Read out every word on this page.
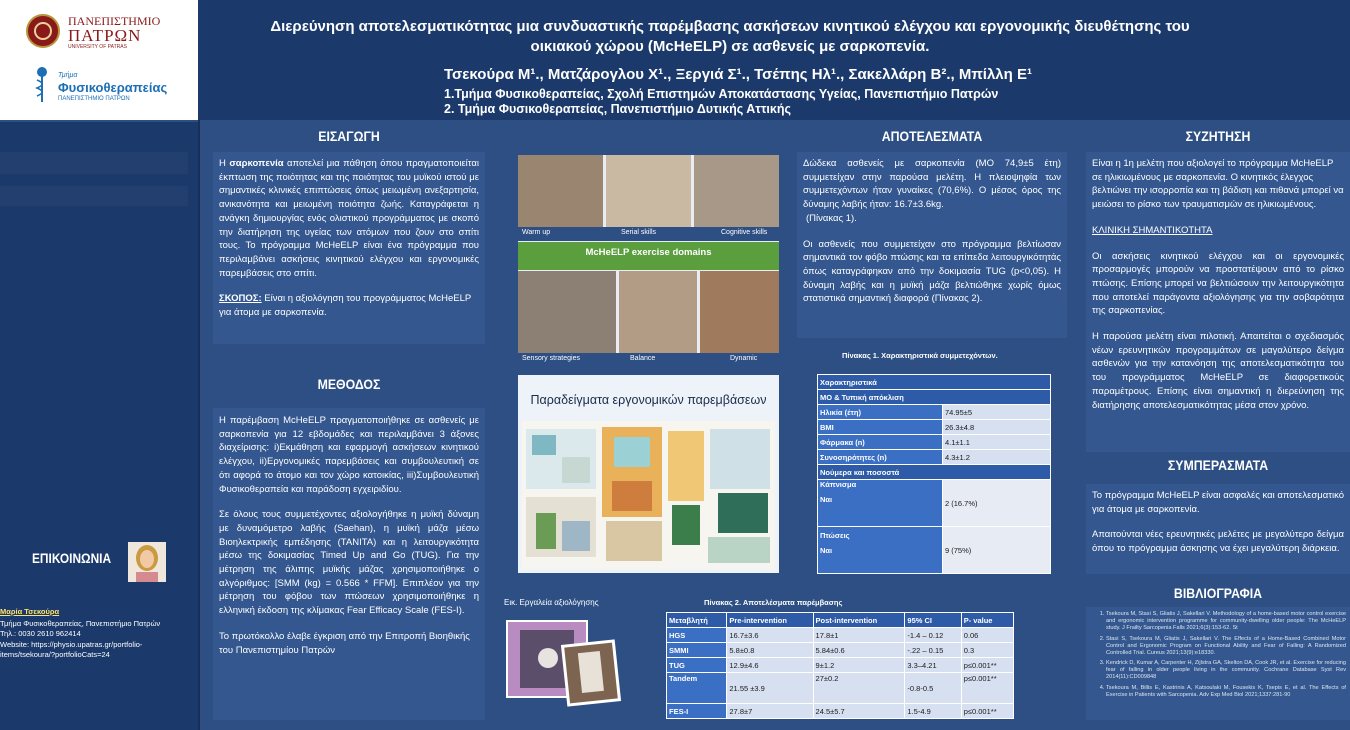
ΠΑΝΕΠΙΣΤΗΜΙΟ
ΠΑΤΡΩΝ
UNIVERSITY OF PATRAS
Τμήμα
Φυσικοθεραπείας
ΠΑΝΕΠΙΣΤΗΜΙΟ ΠΑΤΡΩΝ
Διερεύνηση αποτελεσματικότητας μια συνδυαστικής παρέμβασης ασκήσεων κινητικού ελέγχου και εργονομικής διευθέτησης του
οικιακού χώρου (McHeELP) σε ασθενείς με σαρκοπενία.
Τσεκούρα Μ¹., Ματζάρογλου Χ¹., Ξεργιά Σ¹., Τσέπης Ηλ¹., Σακελλάρη Β²., Μπίλλη Ε¹
1.Τμήμα Φυσικοθεραπείας, Σχολή Επιστημών Αποκατάστασης Υγείας, Πανεπιστήμιο Πατρών
2. Τμήμα Φυσικοθεραπείας, Πανεπιστήμιο Δυτικής Αττικής
ΕΠΙΚΟΙΝΩΝΙΑ
Μαρία Τσεκούρα
Τμήμα Φυσικοθεραπείας, Πανεπιστήμιο Πατρών
Τηλ.: 0030 2610 962414
Website: https://physio.upatras.gr/portfolio-
items/tsekoura/?portfolioCats=24
ΕΙΣΑΓΩΓΗ
Η σαρκοπενία αποτελεί μια πάθηση όπου πραγματοποιείται έκπτωση της ποιότητας και της ποιότητας του μυϊκού ιστού με σημαντικές κλινικές επιπτώσεις όπως μειωμένη ανεξαρτησία, ανικανότητα και μειωμένη ποιότητα ζωής. Καταγράφεται η ανάγκη δημιουργίας ενός ολιστικού προγράμματος με σκοπό την διατήρηση της υγείας των ατόμων που ζουν στο σπίτι τους. Το πρόγραμμα McHeELP είναι ένα πρόγραμμα που περιλαμβάνει ασκήσεις κινητικού ελέγχου και εργονομικές παρεμβάσεις στο σπίτι.
ΣΚΟΠΟΣ: Είναι η αξιολόγηση του προγράμματος McHeELP για άτομα με σαρκοπενία.
ΜΕΘΟΔΟΣ
Η παρέμβαση McHeELP πραγματοποιήθηκε σε ασθενείς με σαρκοπενία για 12 εβδομάδες και περιλαμβάνει 3 άξονες διαχείρισης: i)Εκμάθηση και εφαρμογή ασκήσεων κινητικού ελέγχου, ii)Εργονομικές παρεμβάσεις και συμβουλευτική σε ότι αφορά το άτομο και τον χώρο κατοικίας, iii)Συμβουλευτική Φυσικοθεραπεία και παράδοση εγχειριδίου.
Σε όλους τους συμμετέχοντες αξιολογήθηκε η μυϊκή δύναμη με δυναμόμετρο λαβής (Saehan), η μυϊκή μάζα μέσω Βιοηλεκτρικής εμπέδησης (TANITA) και η λειτουργικότητα μέσω της δοκιμασίας Timed Up and Go (TUG). Για την μέτρηση της άλιπης μυϊκής μάζας χρησιμοποιήθηκε ο αλγόριθμος: [SMM (kg) = 0.566 * FFM]. Επιπλέον για την μέτρηση του φόβου των πτώσεων χρησιμοποιήθηκε η ελληνική έκδοση της κλίμακας Fear Efficacy Scale (FES-I).
Το πρωτόκολλο έλαβε έγκριση από την Επιτροπή Βιοηθικής του Πανεπιστημίου Πατρών
Warm up	Serial skills	Cognitive skills
McHeELP exercise domains
Sensory strategies	Balance	Dynamic
Παραδείγματα εργονομικών παρεμβάσεων
Εικ. Εργαλεία αξιολόγησης
ΑΠΟΤΕΛΕΣΜΑΤΑ
Δώδεκα ασθενείς με σαρκοπενία (ΜΟ 74,9±5 έτη) συμμετείχαν στην παρούσα μελέτη. Η πλειοψηφία των συμμετεχόντων ήταν γυναίκες (70,6%). Ο μέσος όρος της δύναμης λαβής ήταν: 16.7±3.6kg.
(Πίνακας 1).
Οι ασθενείς που συμμετείχαν στο πρόγραμμα βελτίωσαν σημαντικά τον φόβο πτώσης και τα επίπεδα λειτουργικότητάς όπως καταγράφηκαν από την δοκιμασία TUG (p<0,05). Η δύναμη λαβής και η μυϊκή μάζα βελτιώθηκε χωρίς όμως στατιστικά σημαντική διαφορά (Πίνακας 2).
Πίνακας 1. Χαρακτηριστικά συμμετεχόντων.
Χαρακτηριστικά	
ΜΟ & Τυπική απόκλιση	
Ηλικία (έτη)	74.95±5
BMI	26.3±4.8
Φάρμακα (n)	4.1±1.1
Συνοσηρότητες (n)	4.3±1.2
Νούμερα και ποσοστά	

Κάπνισμα
Ναι	2 (16.7%)

Πτώσεις
Ναι	9 (75%)
Πίνακας 2. Αποτελέσματα παρέμβασης
Μεταβλητή	Pre-intervention	Post-intervention	95% CI	P- value
HGS	16.7±3.6	17.8±1	-1.4 – 0.12	0.06
SMMI	5.8±0.8	5.84±0.6	-.22 – 0.15	0.3
TUG	12.9±4.6	9±1.2	3.3–4.21	p≤0.001**
Tandem	21.55 ±3.9	27±0.2	-0.8-0.5	p≤0.001**
FES-I	27.8±7	24.5±5.7	1.5-4.9	p≤0.001**
ΣΥΖΗΤΗΣΗ
Είναι η 1η μελέτη που αξιολογεί το πρόγραμμα McHeELP σε ηλικιωμένους με σαρκοπενία. Ο κινητικός έλεγχος βελτιώνει την ισορροπία και τη βάδιση και πιθανά μπορεί να μειώσει το ρίσκο των τραυματισμών σε ηλικιωμένους.
ΚΛΙΝΙΚΗ ΣΗΜΑΝΤΙΚΟΤΗΤΑ
Οι ασκήσεις κινητικού ελέγχου και οι εργονομικές προσαρμογές μπορούν να προστατέψουν από το ρίσκο πτώσης. Επίσης μπορεί να βελτιώσουν την λειτουργικότητα που αποτελεί παράγοντα αξιολόγησης για την σοβαρότητα της σαρκοπενίας.
Η παρούσα μελέτη είναι πιλοτική. Απαιτείται ο σχεδιασμός νέων ερευνητικών προγραμμάτων σε μαγαλύτερο δείγμα ασθενών για την κατανόηση της αποτελεσματικότητα του του προγράμματος McHeELP σε διαφορετικούς παραμέτρους. Επίσης είναι σημαντική η διερεύνηση της διατήρησης αποτελεσματικότητας μέσα στον χρόνο.
ΣΥΜΠΕΡΑΣΜΑΤΑ
Το πρόγραμμα McHeELP είναι ασφαλές και αποτελεσματικό για άτομα με σαρκοπενία.
Απαιτούνται νέες ερευνητικές μελέτες με μεγαλύτερο δείγμα όπου το πρόγραμμα άσκησης να έχει μεγαλύτερη διάρκεια.
ΒΙΒΛΙΟΓΡΑΦΙΑ
1. Tsekoura M, Stasi S, Gliatis J, Sakellari V. Methodology of a home-based motor control exercise and ergonomic intervention programme for community-dwelling older people: The McHeELP study. J Frailty Sarcopenia Falls 2021;6(3):153-62. St
2. Stasi S, Tsekoura M, Gliatis J, Sakellari V. The Effects of a Home-Based Combined Motor Control and Ergonomic Program on Functional Ability and Fear of Falling: A Randomized Controlled Trial. Cureus 2021;13(9):e18330.
3. Kendrick D, Kumar A, Carpenter H, Zijlstra GA, Skelton DA, Cook JR, et al. Exercise for reducing fear of falling in older people living in the community. Cochrane Database Syst Rev 2014(11):CD009848
4. Tsekoura M, Billis E, Kastrinis A, Katsoulaki M, Fousekis K, Tsepis E, et al. The Effects of Exercise in Patients with Sarcopenia. Adv Exp Med Biol 2021;1337:281-90
